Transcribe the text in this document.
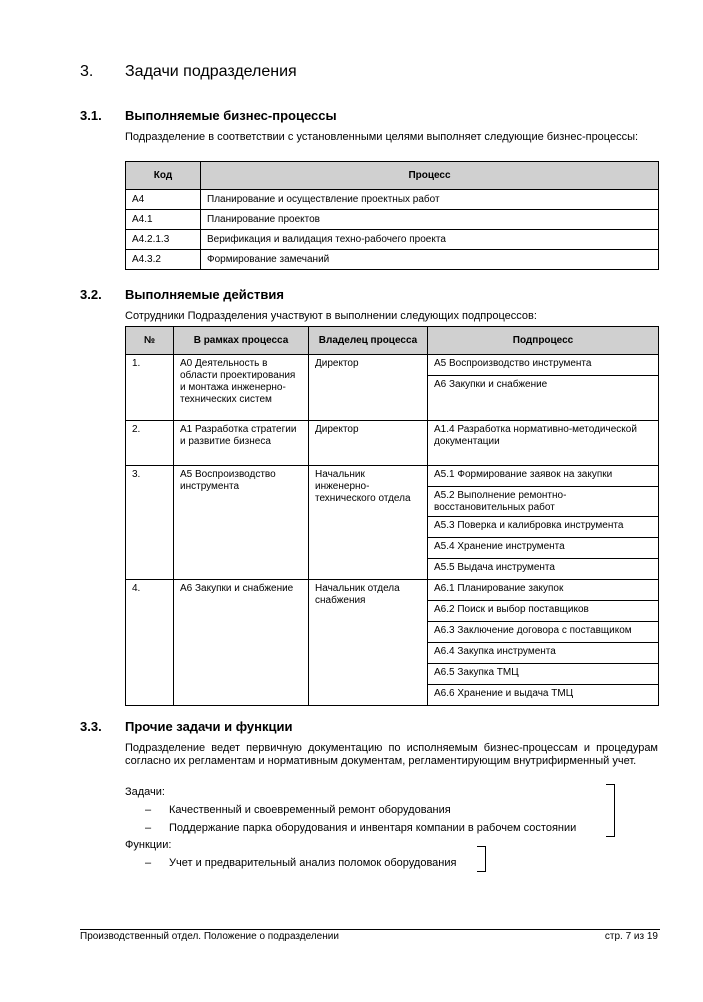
3. Задачи подразделения
3.1. Выполняемые бизнес-процессы
Подразделение в соответствии с установленными целями выполняет следующие бизнес-процессы:
Код	Процесс
А4	Планирование и осуществление проектных работ
А4.1	Планирование проектов
А4.2.1.3	Верификация и валидация техно-рабочего проекта
А4.3.2	Формирование замечаний
3.2. Выполняемые действия
Сотрудники Подразделения участвуют в выполнении следующих подпроцессов:
№	В рамках процесса	Владелец процесса	Подпроцесс
1.	А0 Деятельность в области проектирования и монтажа инженерно-технических систем	Директор	А5 Воспроизводство инструмента
			А6 Закупки и снабжение
2.	А1 Разработка стратегии и развитие бизнеса	Директор	А1.4 Разработка нормативно-методической документации
3.	А5 Воспроизводство инструмента	Начальник инженерно-технического отдела	А5.1 Формирование заявок на закупки
			А5.2 Выполнение ремонтно-восстановительных работ
			А5.3 Поверка и калибровка инструмента
			А5.4 Хранение инструмента
			А5.5 Выдача инструмента
4.	А6 Закупки и снабжение	Начальник отдела снабжения	А6.1 Планирование закупок
			А6.2 Поиск и выбор поставщиков
			А6.3 Заключение договора с поставщиком
			А6.4 Закупка инструмента
			А6.5 Закупка ТМЦ
			А6.6 Хранение и выдача ТМЦ
3.3. Прочие задачи и функции
Подразделение ведет первичную документацию по исполняемым бизнес-процессам и процедурам согласно их регламентам и нормативным документам, регламентирующим внутрифирменный учет.
Задачи:
– Качественный и своевременный ремонт оборудования
– Поддержание парка оборудования и инвентаря компании в рабочем состоянии
Функции:
– Учет и предварительный анализ поломок оборудования
Производственный отдел. Положение о подразделении	стр. 7 из 19
